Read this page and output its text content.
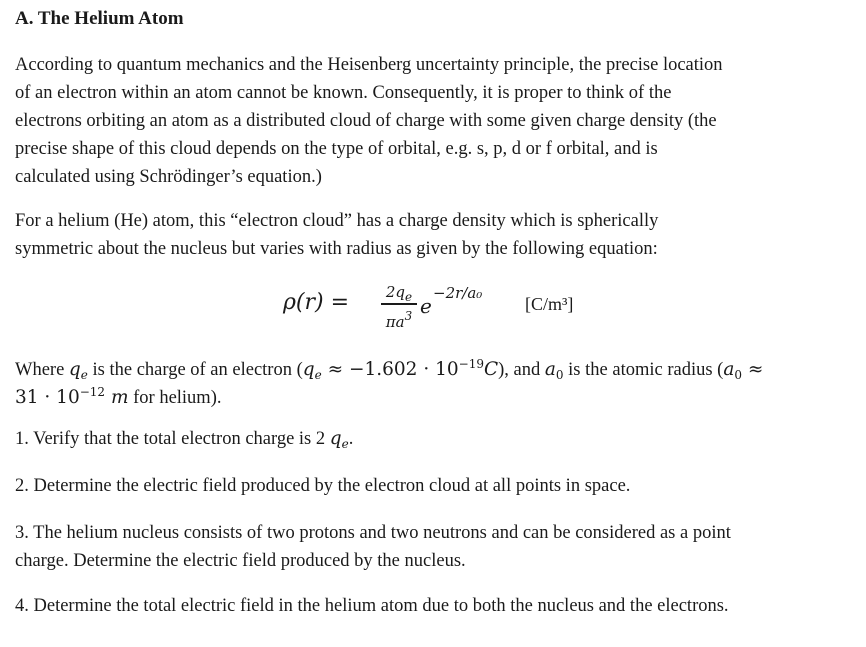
A. The Helium Atom
According to quantum mechanics and the Heisenberg uncertainty principle, the precise location
of an electron within an atom cannot be known. Consequently, it is proper to think of the
electrons orbiting an atom as a distributed cloud of charge with some given charge density (the
precise shape of this cloud depends on the type of orbital, e.g. s, p, d or f orbital, and is
calculated using Schrödinger’s equation.)
For a helium (He) atom, this “electron cloud” has a charge density which is spherically
symmetric about the nucleus but varies with radius as given by the following equation:
ρ(r) =	$2q_e$
$\pi a^3$ e
−2r/a₀
[C/m³]
Where $q_e$ is the charge of an electron $(q_e \approx -1.602 \cdot 10^{-19}C)$, and $a_0$ is the atomic radius ($a_0$ ≈
$31 \cdot 10^{-12}$ m for helium).
1. Verify that the total electron charge is 2 $q_e$.
2. Determine the electric field produced by the electron cloud at all points in space.
3. The helium nucleus consists of two protons and two neutrons and can be considered as a point
charge. Determine the electric field produced by the nucleus.
4. Determine the total electric field in the helium atom due to both the nucleus and the electrons.
